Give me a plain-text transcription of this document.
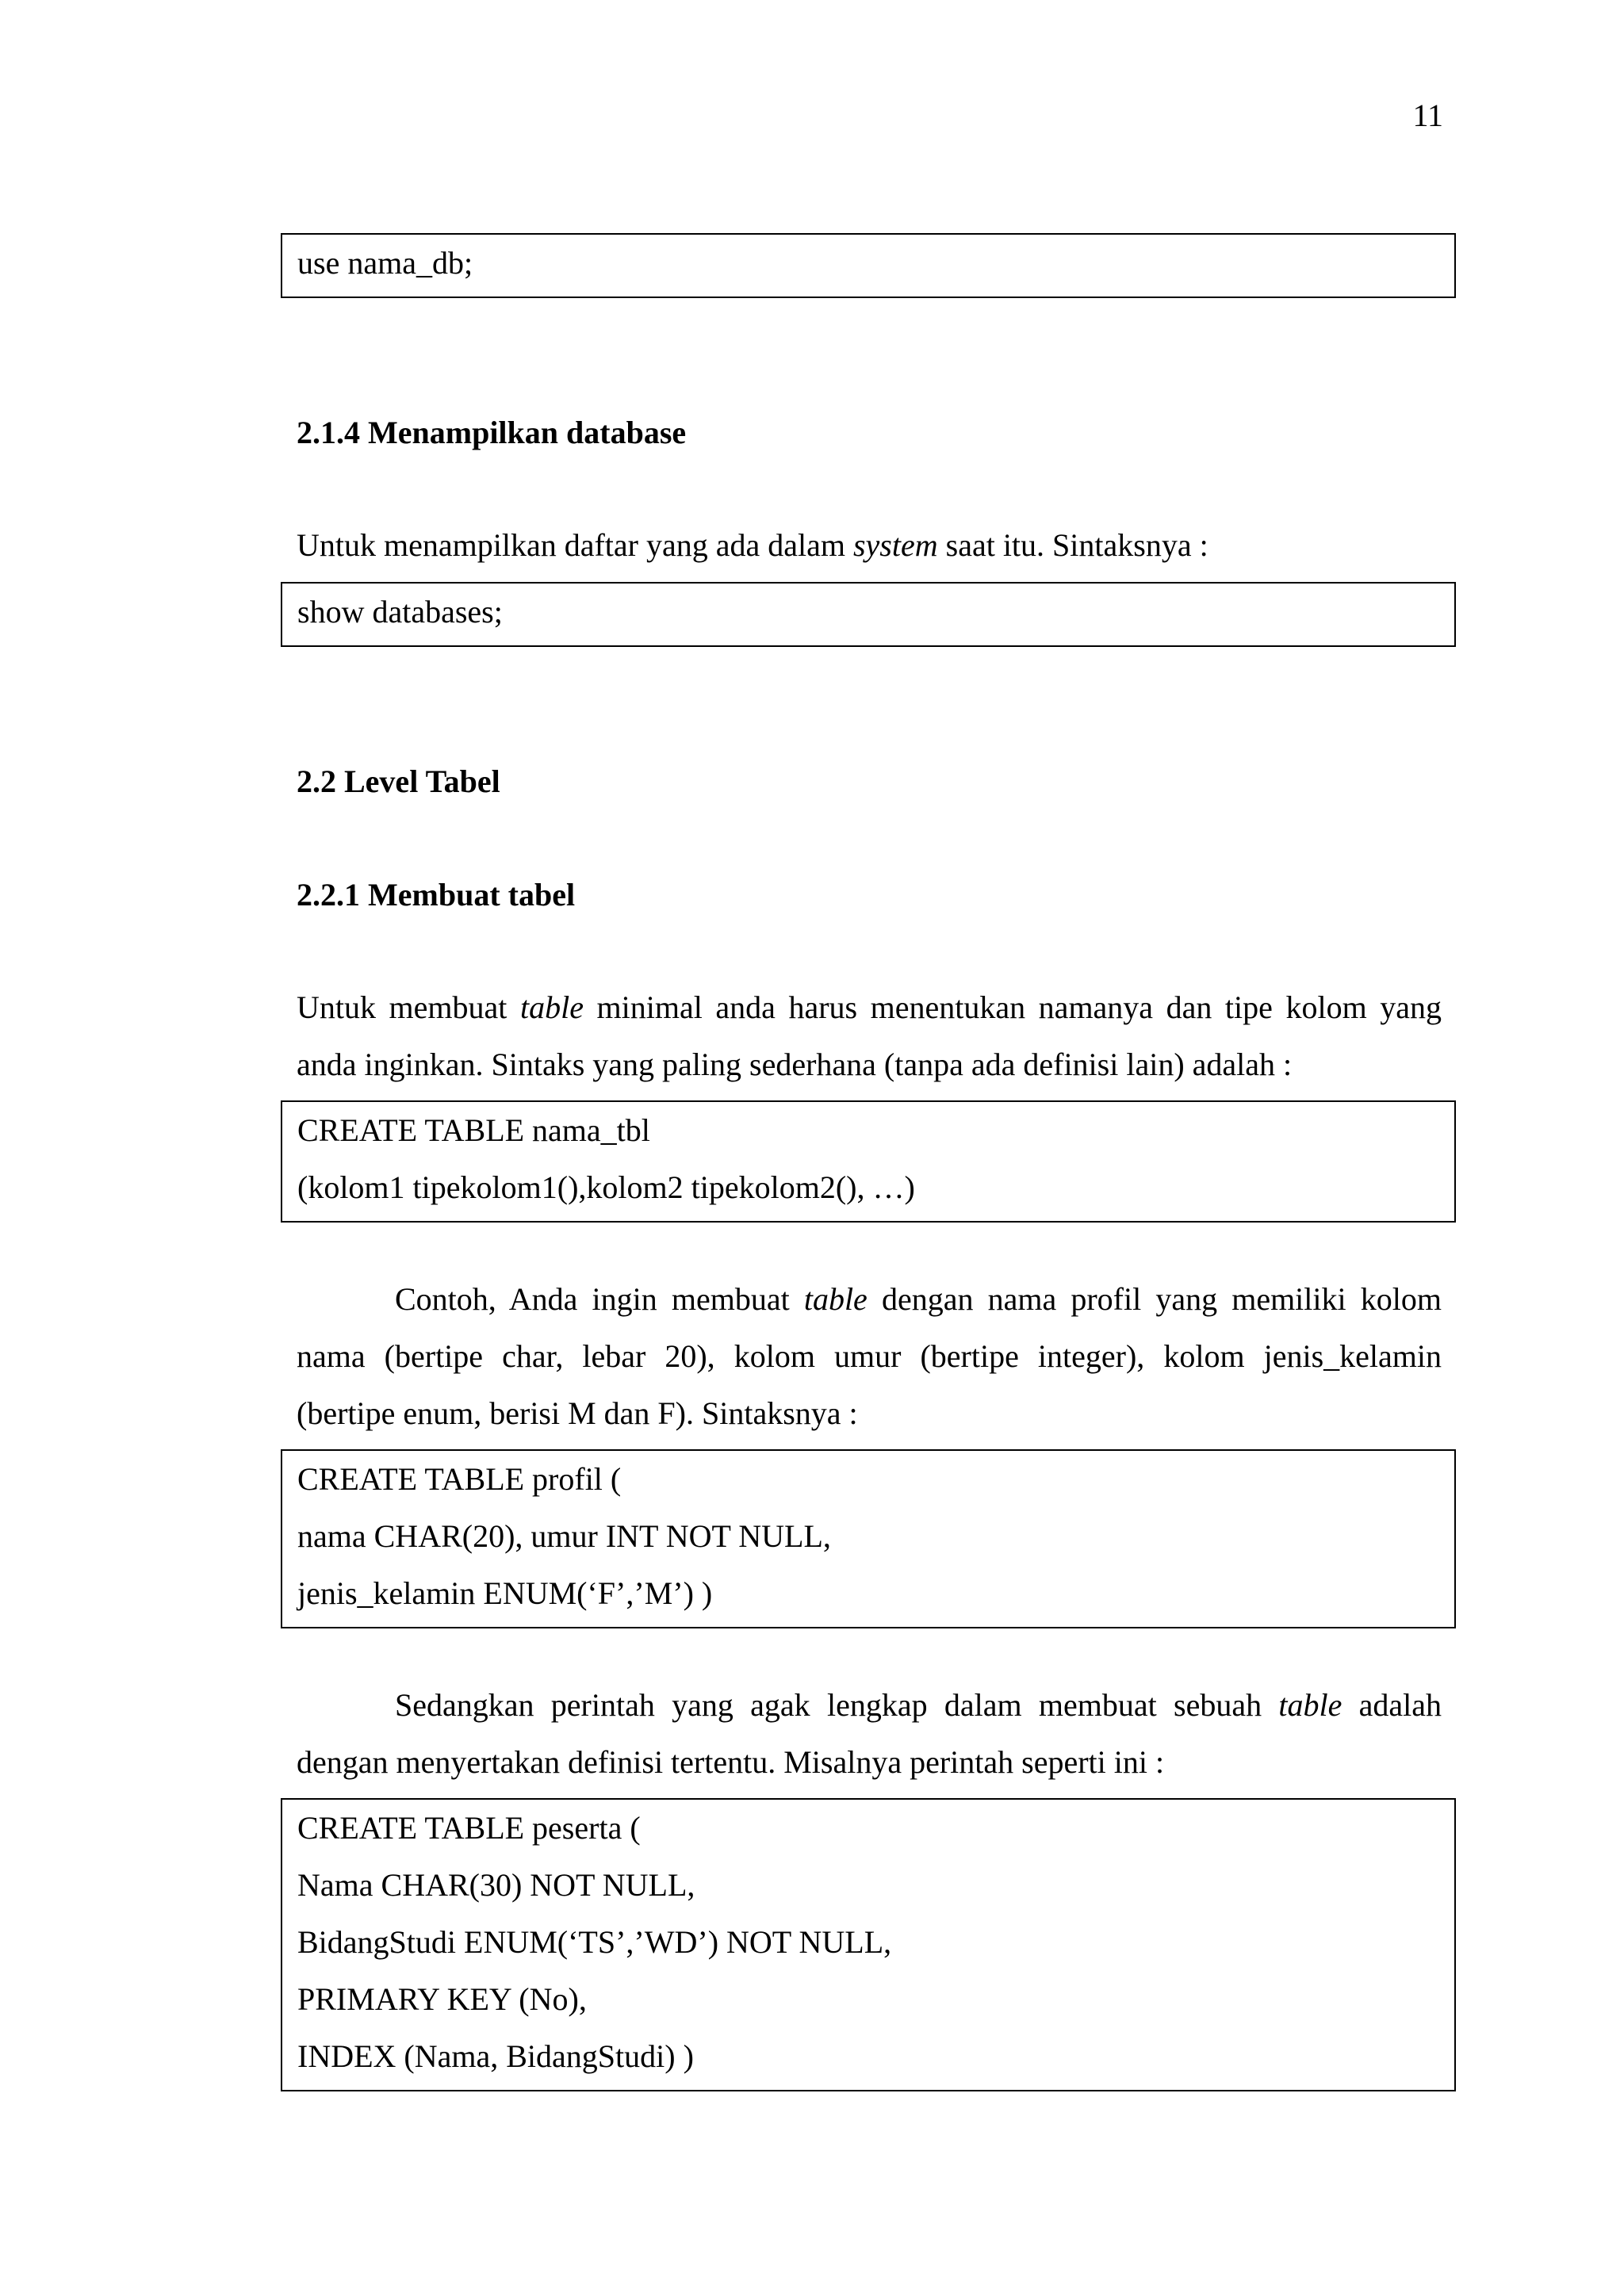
11
use nama_db;
2.1.4 Menampilkan database
Untuk menampilkan daftar yang ada dalam system saat itu. Sintaksnya :
show databases;
2.2 Level Tabel
2.2.1 Membuat tabel
Untuk membuat table minimal anda harus menentukan namanya dan tipe kolom yang
anda inginkan. Sintaks yang paling sederhana (tanpa ada definisi lain) adalah :
CREATE TABLE nama_tbl
(kolom1 tipekolom1(),kolom2 tipekolom2(), …)
Contoh, Anda ingin membuat table dengan nama profil yang memiliki kolom
nama (bertipe char, lebar 20), kolom umur (bertipe integer), kolom jenis_kelamin
(bertipe enum, berisi M dan F). Sintaksnya :
CREATE TABLE profil (
nama CHAR(20), umur INT NOT NULL,
jenis_kelamin ENUM(‘F’,’M’) )
Sedangkan perintah yang agak lengkap dalam membuat sebuah table adalah
dengan menyertakan definisi tertentu. Misalnya perintah seperti ini :
CREATE TABLE peserta (
Nama CHAR(30) NOT NULL,
BidangStudi ENUM(‘TS’,’WD’) NOT NULL,
PRIMARY KEY (No),
INDEX (Nama, BidangStudi) )
